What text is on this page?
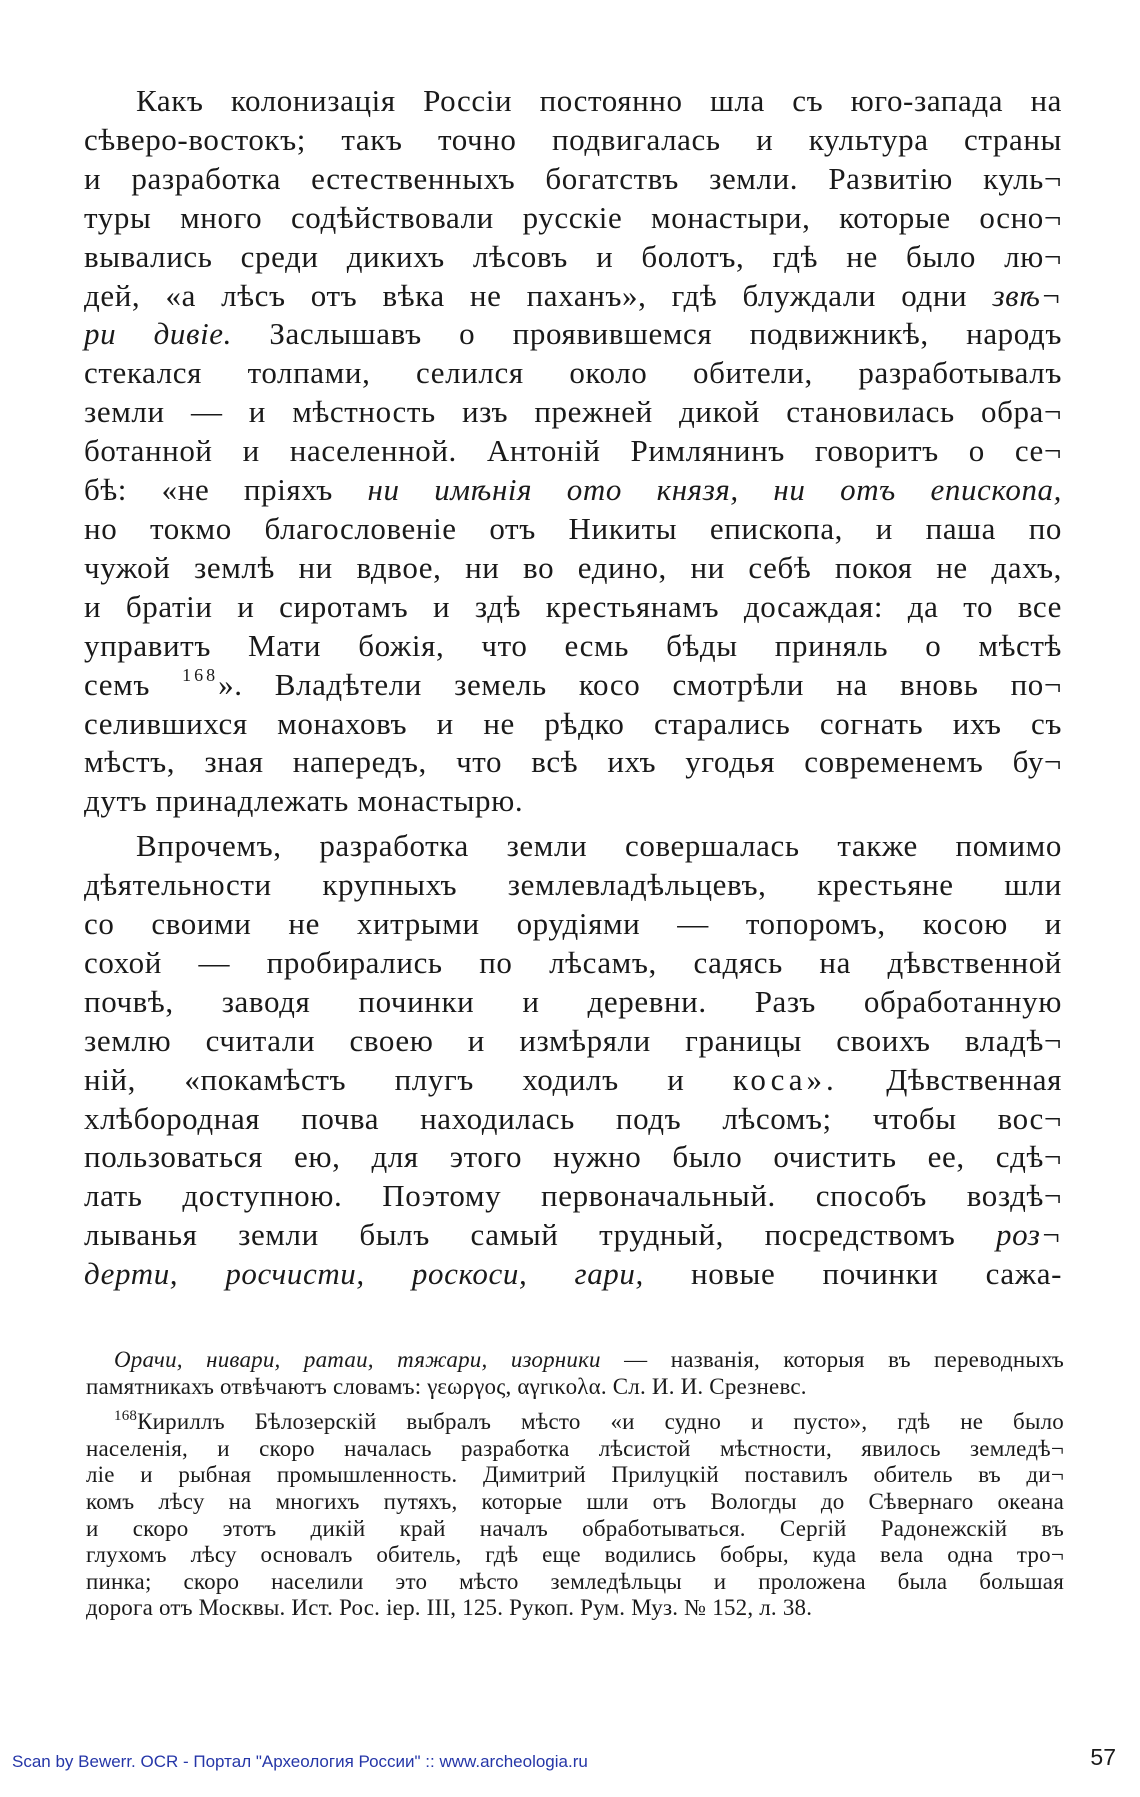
Какъ колонизація Россіи постоянно шла съ юго-запада на

сѣверо-востокъ; такъ точно подвигалась и культура страны

и разработка естественныхъ богатствъ земли. Развитію куль¬

туры много содѣйствовали русскіе монастыри, которые осно¬

вывались среди дикихъ лѣсовъ и болотъ, гдѣ не было лю¬

дей, «а лѣсъ отъ вѣка не паханъ», гдѣ блуждали одни звѣ¬

ри дивіе. Заслышавъ о проявившемся подвижникѣ, народъ

стекался толпами, селился около обители, разработывалъ

земли — и мѣстность изъ прежней дикой становилась обра¬

ботанной и населенной. Антоній Римлянинъ говоритъ о се¬

бѣ: «не пріяхъ ни имѣнія ото князя, ни отъ епископа,

но токмо благословеніе отъ Никиты епископа, и паша по

чужой землѣ ни вдвое, ни во едино, ни себѣ покоя не дахъ,

и братіи и сиротамъ и здѣ крестьянамъ досаждая: да то все

управитъ Мати божія, что есмь бѣды приняль о мѣстѣ

семъ $^{168}$». Владѣтели земель косо смотрѣли на вновь по¬

селившихся монаховъ и не рѣдко старались согнать ихъ съ

мѣстъ, зная напередъ, что всѣ ихъ угодья современемъ бу¬

дутъ принадлежать монастырю.

Впрочемъ, разработка земли совершалась также помимо

дѣятельности крупныхъ землевладѣльцевъ, крестьяне шли

со своими не хитрыми орудіями — топоромъ, косою и

сохой — пробирались по лѣсамъ, садясь на дѣвственной

почвѣ, заводя починки и деревни. Разъ обработанную

землю считали своею и измѣряли границы своихъ владѣ¬

ній, «покамѣстъ плугъ ходилъ и коса». Дѣвственная

хлѣбородная почва находилась подъ лѣсомъ; чтобы вос¬

пользоваться ею, для этого нужно было очистить ее, сдѣ¬

лать доступною. Поэтому первоначальный. способъ воздѣ¬

лыванья земли былъ самый трудный, посредствомъ роз¬

дерти, росчисти, роскоси, гари, новые починки сажа-

Орачи, нивари, ратаи, тяжари, изорники — названія, которыя въ переводныхъ

памятникахъ отвѣчаютъ словамъ: γεωργος, αγrικολα. Сл. И. И. Срезневс.

$^{168}$Кириллъ Бѣлозерскій выбралъ мѣсто «и судно и пусто», гдѣ не было

населенія, и скоро началась разработка лѣсистой мѣстности, явилось земледѣ¬

ліе и рыбная промышленность. Димитрий Прилуцкій поставилъ обитель въ ди¬

комъ лѣсу на многихъ путяхъ, которые шли отъ Вологды до Сѣвернаго океана

и скоро этотъ дикій край началъ обработываться. Сергій Радонежскій въ

глухомъ лѣсу основалъ обитель, гдѣ еще водились бобры, куда вела одна тро¬

пинка; скоро населили это мѣсто земледѣльцы и проложена была большая

дорога отъ Москвы. Ист. Рос. іер. III, 125. Рукоп. Рум. Муз. № 152, л. 38.

Scan by Bewerr. OCR - Портал "Археология России" :: www.archeologia.ru	57
